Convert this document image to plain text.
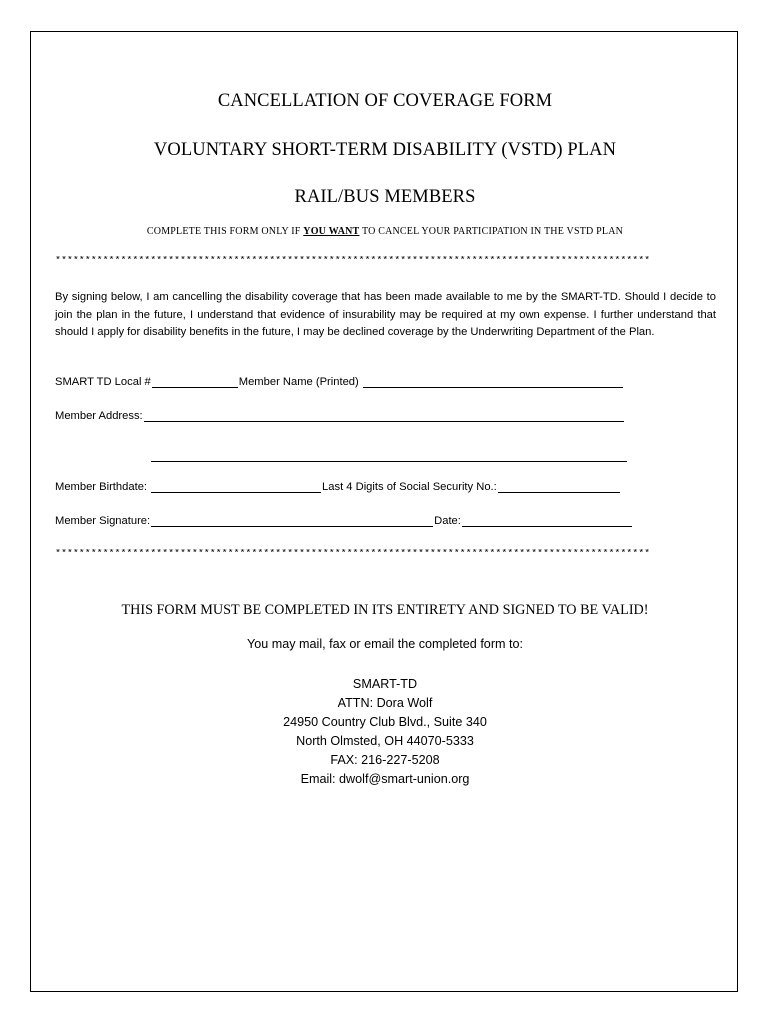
CANCELLATION OF COVERAGE FORM
VOLUNTARY SHORT-TERM DISABILITY (VSTD) PLAN
RAIL/BUS MEMBERS
COMPLETE THIS FORM ONLY IF YOU WANT TO CANCEL YOUR PARTICIPATION IN THE VSTD PLAN
****************************************************************************************************
By signing below, I am cancelling the disability coverage that has been made available to me by the SMART-TD. Should I decide to join the plan in the future, I understand that evidence of insurability may be required at my own expense. I further understand that should I apply for disability benefits in the future, I may be declined coverage by the Underwriting Department of the Plan.
SMART TD Local #	Member Name (Printed)
Member Address:
Member Birthdate:	Last 4 Digits of Social Security No.:
Member Signature:	Date:
****************************************************************************************************
THIS FORM MUST BE COMPLETED IN ITS ENTIRETY AND SIGNED TO BE VALID!
You may mail, fax or email the completed form to:
SMART-TD
ATTN: Dora Wolf
24950 Country Club Blvd., Suite 340
North Olmsted, OH 44070-5333
FAX: 216-227-5208
Email: dwolf@smart-union.org
